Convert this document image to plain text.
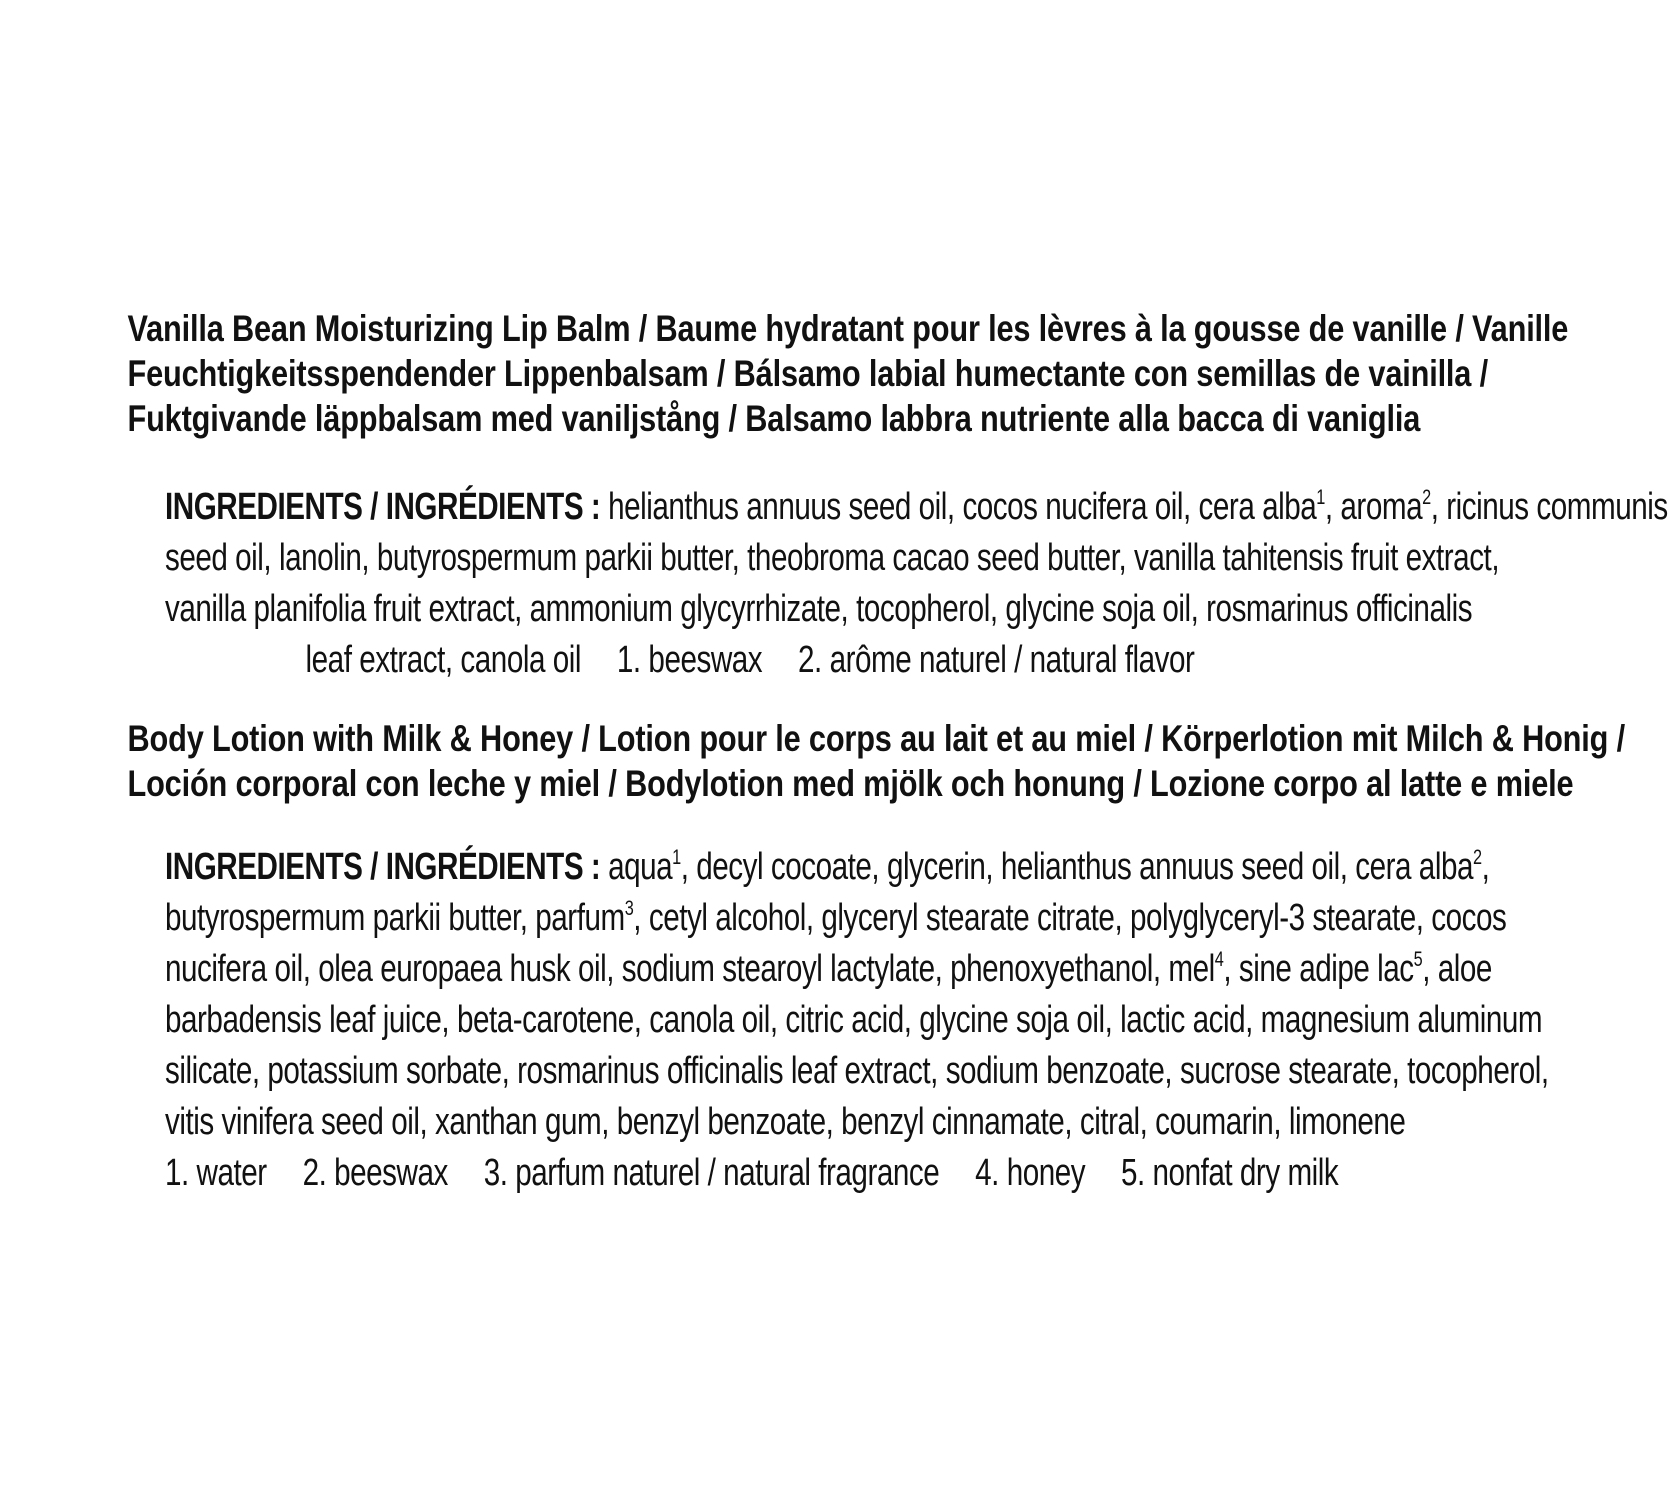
Vanilla Bean Moisturizing Lip Balm / Baume hydratant pour les lèvres à la gousse de vanille / Vanille
Feuchtigkeitsspendender Lippenbalsam / Bálsamo labial humectante con semillas de vainilla /
Fuktgivande läppbalsam med vaniljstång / Balsamo labbra nutriente alla bacca di vaniglia
INGREDIENTS / INGRÉDIENTS : helianthus annuus seed oil, cocos nucifera oil, cera alba$^1$, aroma$^2$, ricinus communis
seed oil, lanolin, butyrospermum parkii butter, theobroma cacao seed butter, vanilla tahitensis fruit extract,
vanilla planifolia fruit extract, ammonium glycyrrhizate, tocopherol, glycine soja oil, rosmarinus officinalis
leaf extract, canola oil 1. beeswax 2. arôme naturel / natural flavor
Body Lotion with Milk & Honey / Lotion pour le corps au lait et au miel / Körperlotion mit Milch & Honig /
Loción corporal con leche y miel / Bodylotion med mjölk och honung / Lozione corpo al latte e miele
INGREDIENTS / INGRÉDIENTS : aqua$^1$, decyl cocoate, glycerin, helianthus annuus seed oil, cera alba$^2$,
butyrospermum parkii butter, parfum$^3$, cetyl alcohol, glyceryl stearate citrate, polyglyceryl-3 stearate, cocos
nucifera oil, olea europaea husk oil, sodium stearoyl lactylate, phenoxyethanol, mel$^4$, sine adipe lac$^5$, aloe
barbadensis leaf juice, beta-carotene, canola oil, citric acid, glycine soja oil, lactic acid, magnesium aluminum
silicate, potassium sorbate, rosmarinus officinalis leaf extract, sodium benzoate, sucrose stearate, tocopherol,
vitis vinifera seed oil, xanthan gum, benzyl benzoate, benzyl cinnamate, citral, coumarin, limonene
1. water 2. beeswax 3. parfum naturel / natural fragrance 4. honey 5. nonfat dry milk
